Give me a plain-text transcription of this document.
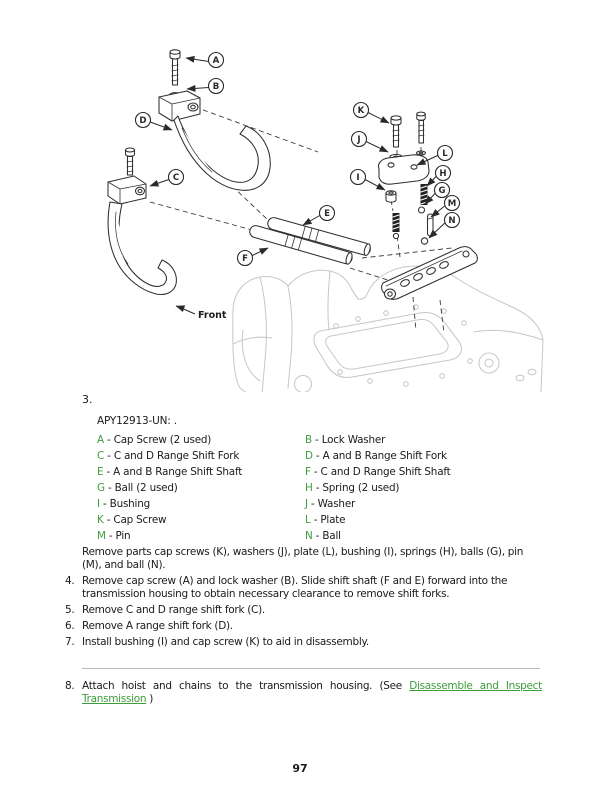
A
B
D
C
E
F
K
J
I
L
H
G
M
N
Front
3.
APY12913-UN: .
A - Cap Screw (2 used)	B - Lock Washer
C - C and D Range Shift Fork	D - A and B Range Shift Fork
E - A and B Range Shift Shaft	F - C and D Range Shift Shaft
G - Ball (2 used)	H - Spring (2 used)
I - Bushing	J - Washer
K - Cap Screw	L - Plate
M - Pin	N - Ball
Remove parts cap screws (K), washers (J), plate (L), bushing (I), springs (H), balls (G), pin (M), and ball (N).
4. Remove cap screw (A) and lock washer (B). Slide shift shaft (F and E) forward into the transmission housing to obtain necessary clearance to remove shift forks.
5. Remove C and D range shift fork (C).
6. Remove A range shift fork (D).
7. Install bushing (I) and cap screw (K) to aid in disassembly.
8. Attach hoist and chains to the transmission housing. (See Disassemble and Inspect Transmission )
97
